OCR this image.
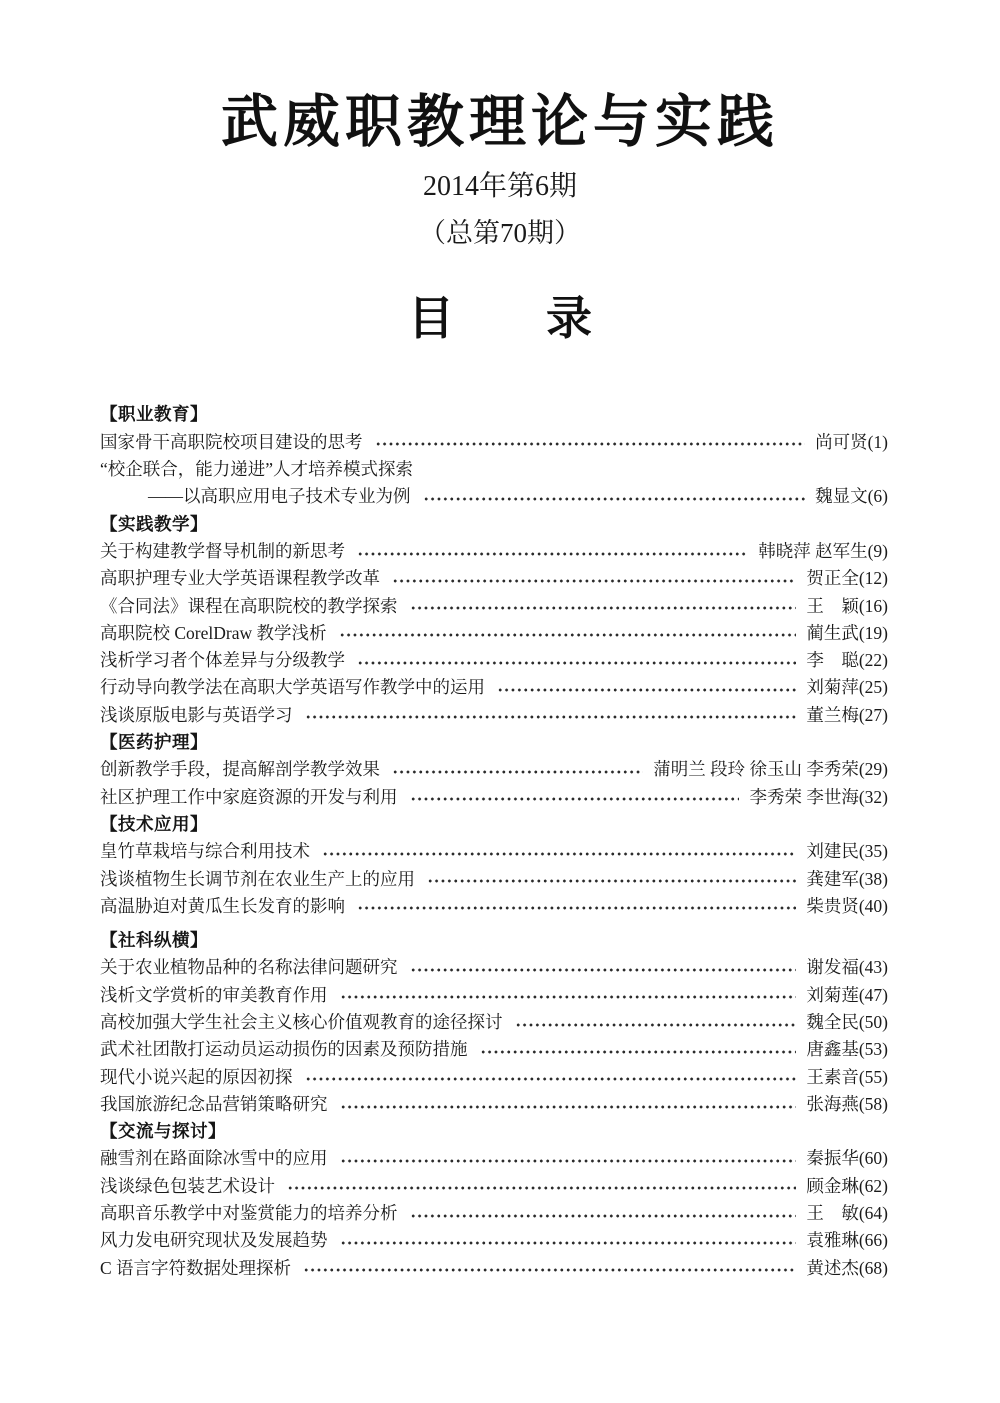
武威职教理论与实践
2014年第6期
（总第70期）
目　　录
【职业教育】
国家骨干高职院校项目建设的思考	尚可贤(1)
“校企联合，能力递进”人才培养模式探索
——以高职应用电子技术专业为例	魏显文(6)
【实践教学】
关于构建教学督导机制的新思考	韩晓萍 赵军生(9)
高职护理专业大学英语课程教学改革	贺正全(12)
《合同法》课程在高职院校的教学探索	王　颖(16)
高职院校 CorelDraw 教学浅析	蔺生武(19)
浅析学习者个体差异与分级教学	李　聪(22)
行动导向教学法在高职大学英语写作教学中的运用	刘菊萍(25)
浅谈原版电影与英语学习	董兰梅(27)
【医药护理】
创新教学手段，提高解剖学教学效果	蒲明兰 段玲 徐玉山 李秀荣(29)
社区护理工作中家庭资源的开发与利用	李秀荣 李世海(32)
【技术应用】
皇竹草栽培与综合利用技术	刘建民(35)
浅谈植物生长调节剂在农业生产上的应用	龚建军(38)
高温胁迫对黄瓜生长发育的影响	柴贵贤(40)
【社科纵横】
关于农业植物品种的名称法律问题研究	谢发福(43)
浅析文学赏析的审美教育作用	刘菊莲(47)
高校加强大学生社会主义核心价值观教育的途径探讨	魏全民(50)
武术社团散打运动员运动损伤的因素及预防措施	唐鑫基(53)
现代小说兴起的原因初探	王素音(55)
我国旅游纪念品营销策略研究	张海燕(58)
【交流与探讨】
融雪剂在路面除冰雪中的应用	秦振华(60)
浅谈绿色包装艺术设计	顾金琳(62)
高职音乐教学中对鉴赏能力的培养分析	王　敏(64)
风力发电研究现状及发展趋势	袁雅琳(66)
C 语言字符数据处理探析	黄述杰(68)
